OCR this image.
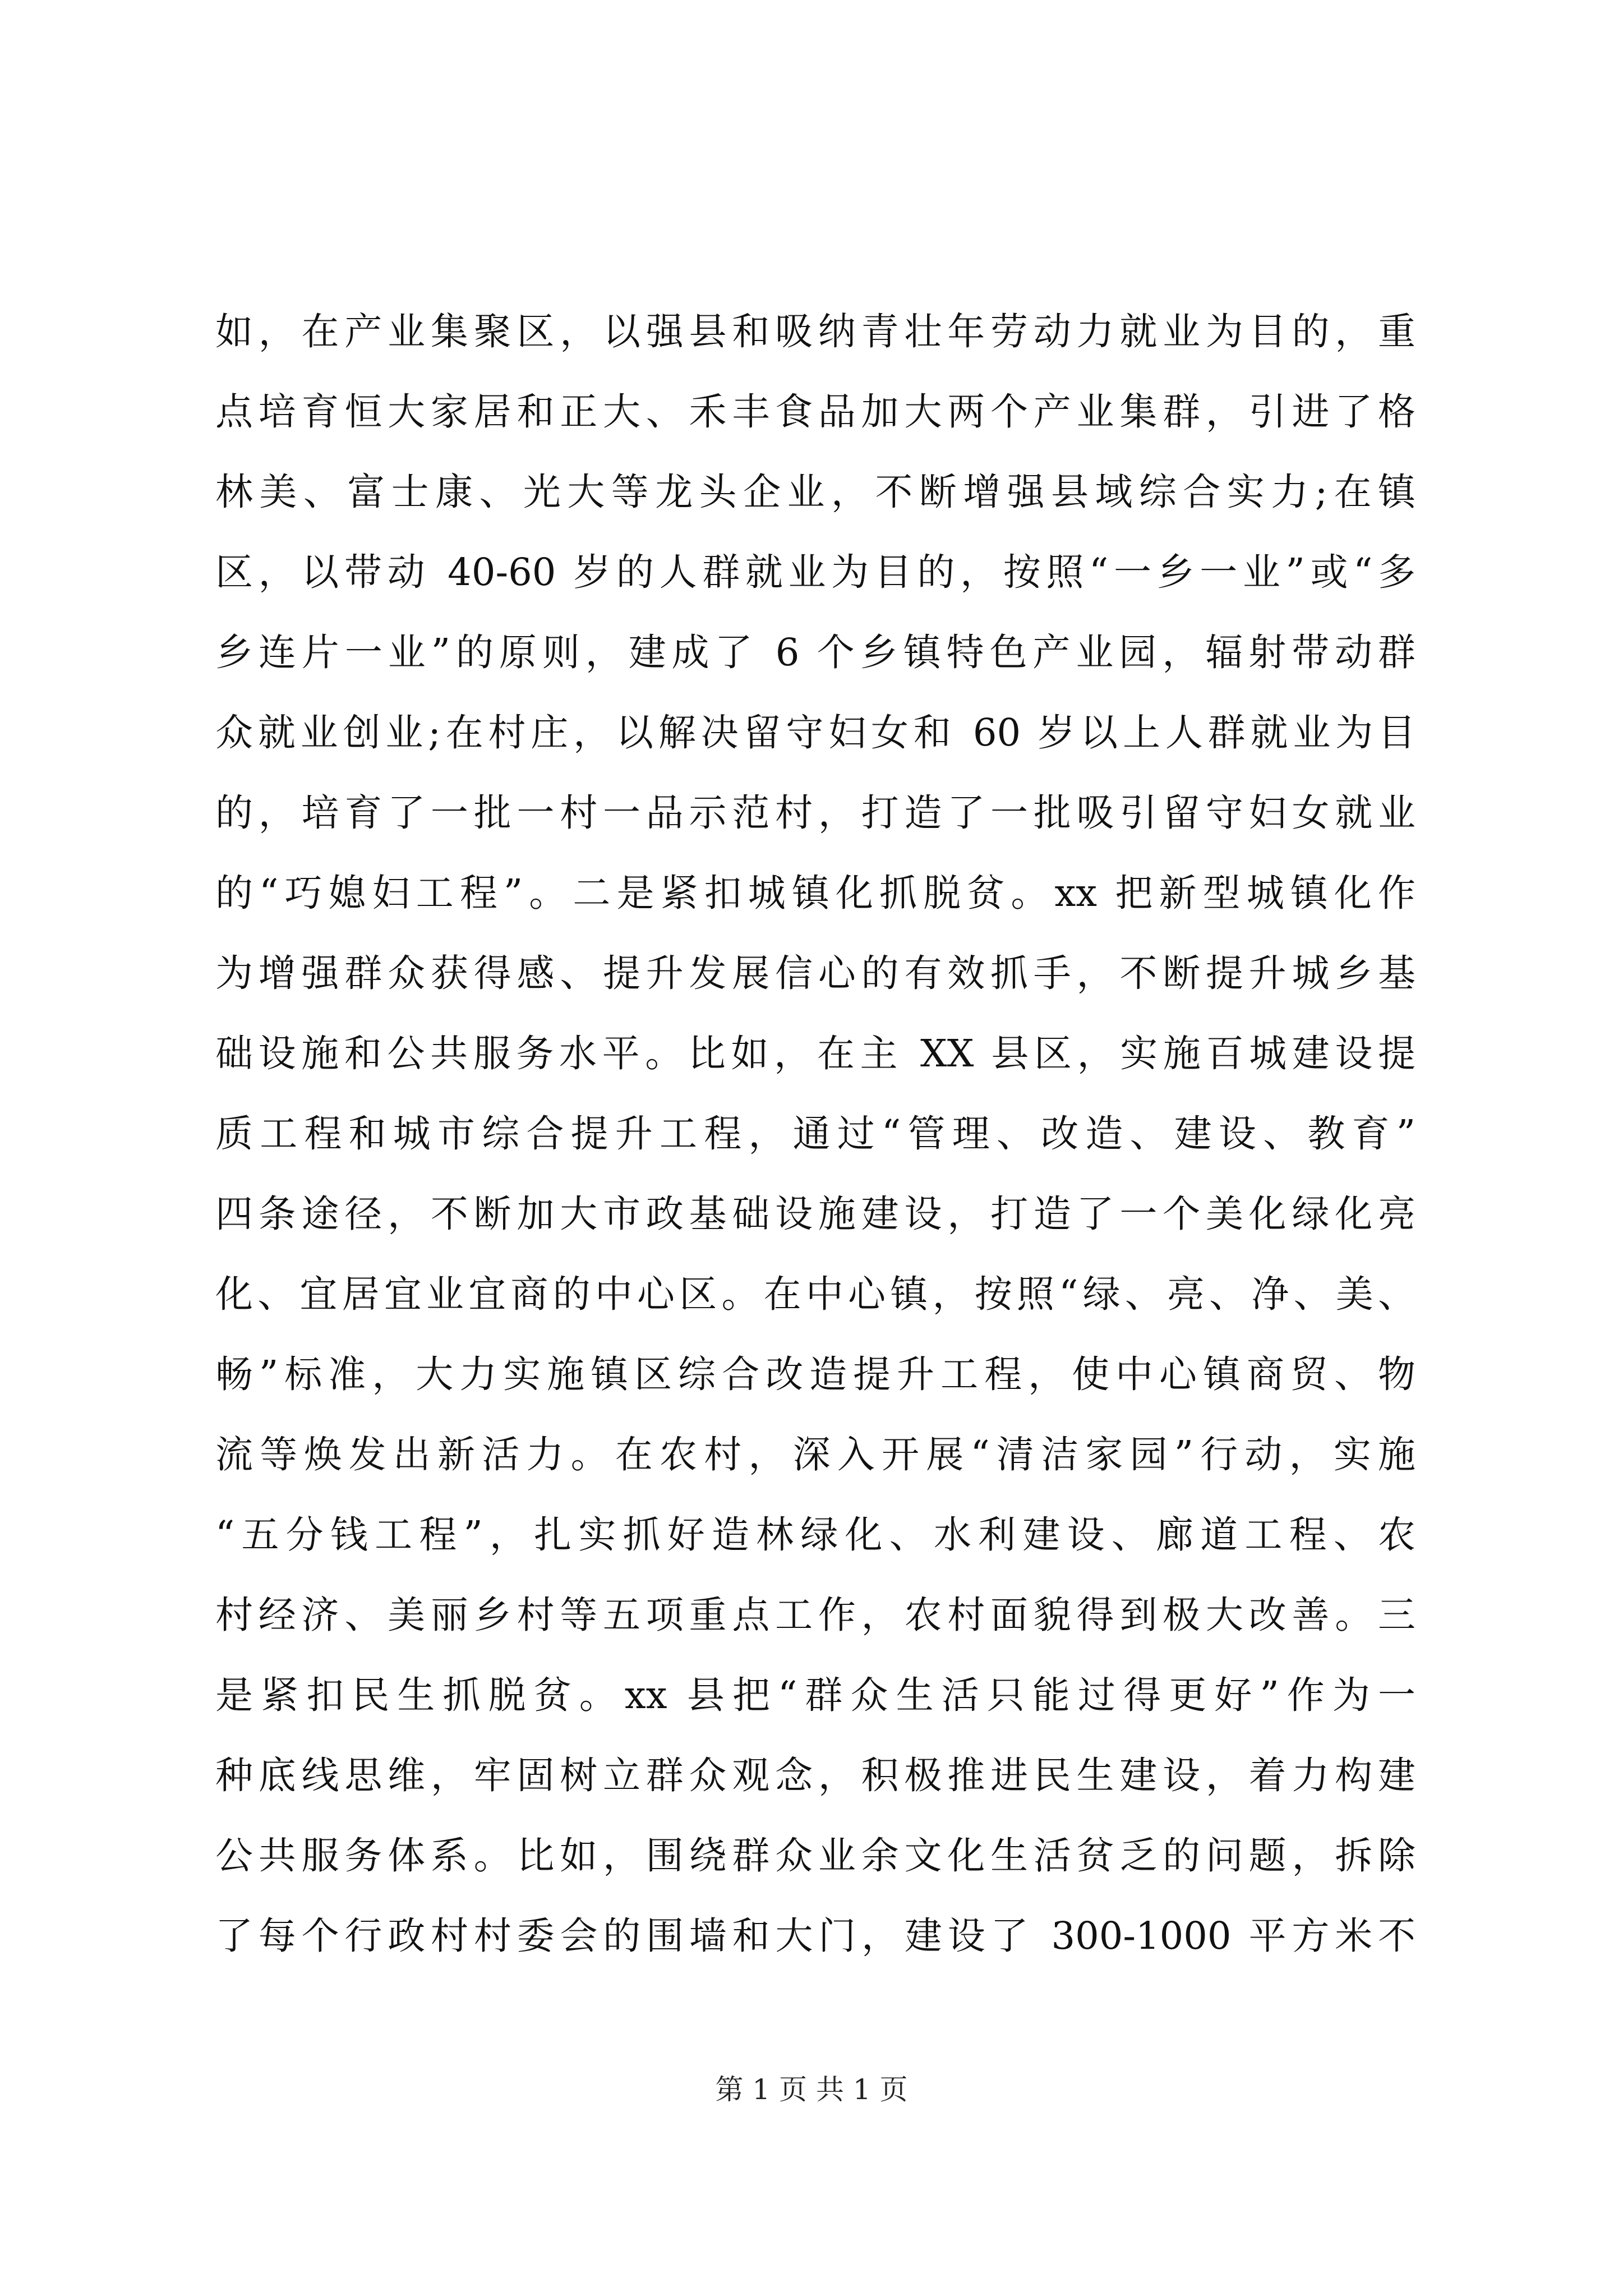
如，在产业集聚区，以强县和吸纳青壮年劳动力就业为目的，重
点培育恒大家居和正大、禾丰食品加大两个产业集群，引进了格
林美、富士康、光大等龙头企业，不断增强县域综合实力;在镇
区，以带动 40-60 岁的人群就业为目的，按照“一乡一业”或“多
乡连片一业”的原则，建成了 6 个乡镇特色产业园，辐射带动群
众就业创业;在村庄，以解决留守妇女和 60 岁以上人群就业为目
的，培育了一批一村一品示范村，打造了一批吸引留守妇女就业
的“巧媳妇工程”。二是紧扣城镇化抓脱贫。xx 把新型城镇化作
为增强群众获得感、提升发展信心的有效抓手，不断提升城乡基
础设施和公共服务水平。比如，在主 XX 县区，实施百城建设提
质工程和城市综合提升工程，通过“管理、改造、建设、教育”
四条途径，不断加大市政基础设施建设，打造了一个美化绿化亮
化、宜居宜业宜商的中心区。在中心镇，按照“绿、亮、净、美、
畅”标准，大力实施镇区综合改造提升工程，使中心镇商贸、物
流等焕发出新活力。在农村，深入开展“清洁家园”行动，实施
“五分钱工程”，扎实抓好造林绿化、水利建设、廊道工程、农
村经济、美丽乡村等五项重点工作，农村面貌得到极大改善。三
是紧扣民生抓脱贫。xx 县把“群众生活只能过得更好”作为一
种底线思维，牢固树立群众观念，积极推进民生建设，着力构建
公共服务体系。比如，围绕群众业余文化生活贫乏的问题，拆除
了每个行政村村委会的围墙和大门，建设了 300-1000 平方米不
第 1 页 共 1 页
